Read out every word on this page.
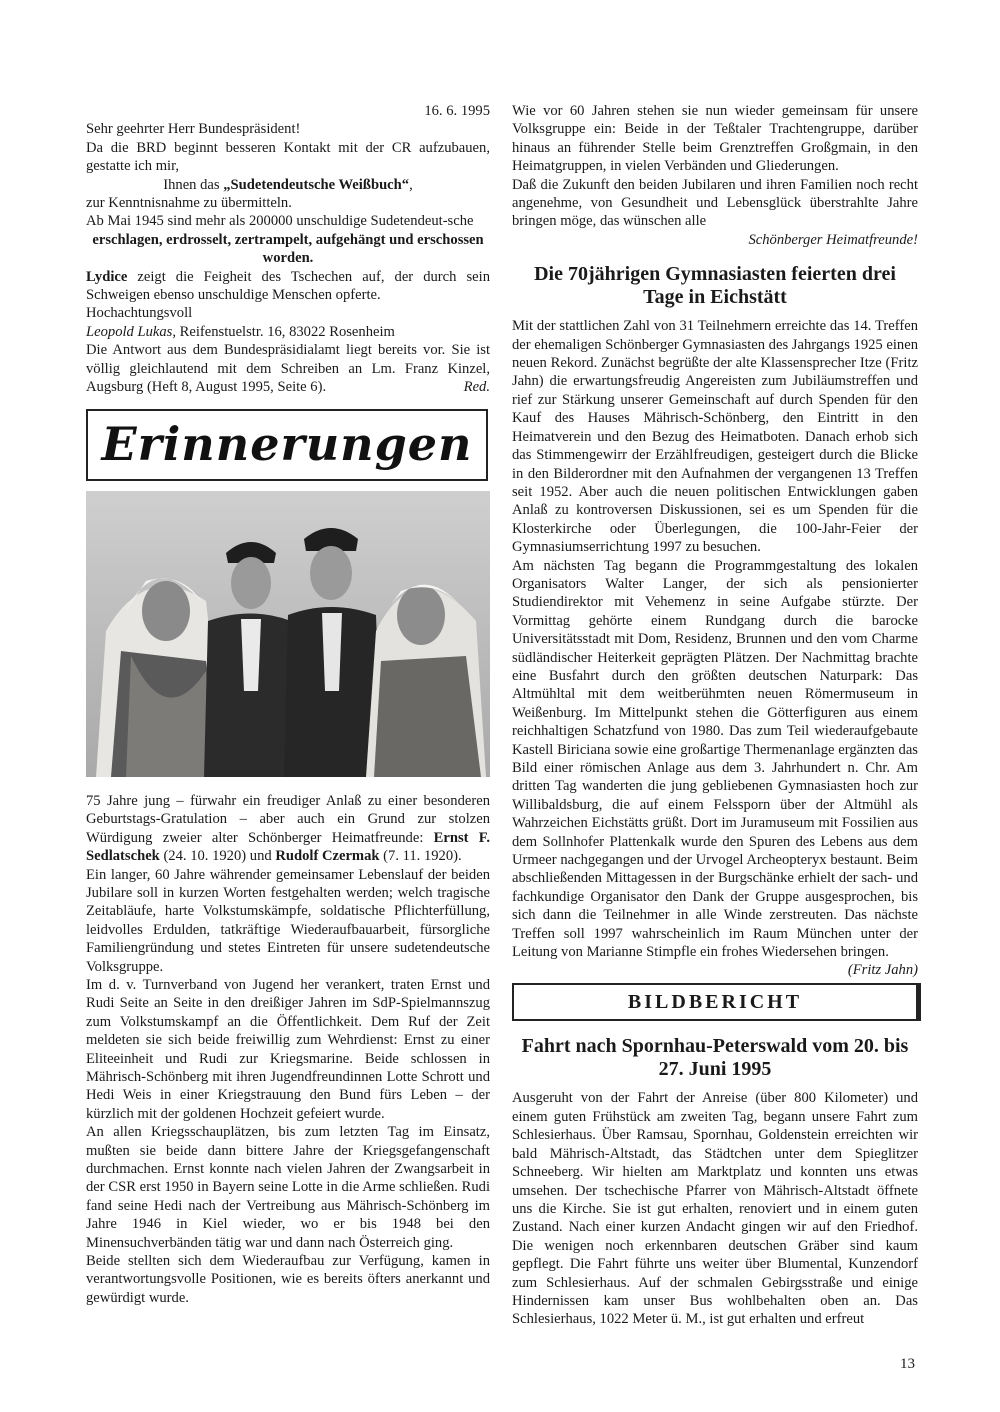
16. 6. 1995

Sehr geehrter Herr Bundespräsident!

Da die BRD beginnt besseren Kontakt mit der CR aufzubauen, gestatte ich mir,

Ihnen das „Sudetendeutsche Weißbuch“,

zur Kenntnisnahme zu übermitteln.

Ab Mai 1945 sind mehr als 200000 unschuldige Sudetendeut-sche

erschlagen, erdrosselt, zertrampelt, aufgehängt und erschossen worden.

Lydice zeigt die Feigheit des Tschechen auf, der durch sein Schweigen ebenso unschuldige Menschen opferte.

Hochachtungsvoll

Leopold Lukas, Reifenstuelstr. 16, 83022 Rosenheim

Die Antwort aus dem Bundespräsidialamt liegt bereits vor. Sie ist völlig gleichlautend mit dem Schreiben an Lm. Franz Kinzel, Augsburg (Heft 8, August 1995, Seite 6).	Red.

Erinnerungen

75 Jahre jung – fürwahr ein freudiger Anlaß zu einer besonderen Geburtstags-Gratulation – aber auch ein Grund zur stolzen Würdigung zweier alter Schönberger Heimatfreunde: Ernst F. Sedlatschek (24. 10. 1920) und Rudolf Czermak (7. 11. 1920).

Ein langer, 60 Jahre währender gemeinsamer Lebenslauf der beiden Jubilare soll in kurzen Worten festgehalten werden; welch tragische Zeitabläufe, harte Volkstumskämpfe, soldatische Pflichterfüllung, leidvolles Erdulden, tatkräftige Wiederaufbauarbeit, fürsorgliche Familiengründung und stetes Eintreten für unsere sudetendeutsche Volksgruppe.

Im d. v. Turnverband von Jugend her verankert, traten Ernst und Rudi Seite an Seite in den dreißiger Jahren im SdP-Spielmannszug zum Volkstumskampf an die Öffentlichkeit. Dem Ruf der Zeit meldeten sie sich beide freiwillig zum Wehrdienst: Ernst zu einer Eliteeinheit und Rudi zur Kriegsmarine. Beide schlossen in Mährisch-Schönberg mit ihren Jugendfreundinnen Lotte Schrott und Hedi Weis in einer Kriegstrauung den Bund fürs Leben – der kürzlich mit der goldenen Hochzeit gefeiert wurde.

An allen Kriegsschauplätzen, bis zum letzten Tag im Einsatz, mußten sie beide dann bittere Jahre der Kriegsgefangenschaft durchmachen. Ernst konnte nach vielen Jahren der Zwangsarbeit in der CSR erst 1950 in Bayern seine Lotte in die Arme schließen. Rudi fand seine Hedi nach der Vertreibung aus Mährisch-Schönberg im Jahre 1946 in Kiel wieder, wo er bis 1948 bei den Minensuchverbänden tätig war und dann nach Österreich ging.

Beide stellten sich dem Wiederaufbau zur Verfügung, kamen in verantwortungsvolle Positionen, wie es bereits öfters anerkannt und gewürdigt wurde.

Wie vor 60 Jahren stehen sie nun wieder gemeinsam für unsere Volksgruppe ein: Beide in der Teßtaler Trachtengruppe, darüber hinaus an führender Stelle beim Grenztreffen Großgmain, in den Heimatgruppen, in vielen Verbänden und Gliederungen.

Daß die Zukunft den beiden Jubilaren und ihren Familien noch recht angenehme, von Gesundheit und Lebensglück überstrahlte Jahre bringen möge, das wünschen alle

Schönberger Heimatfreunde!

Die 70jährigen Gymnasiasten feierten drei Tage in Eichstätt

Mit der stattlichen Zahl von 31 Teilnehmern erreichte das 14. Treffen der ehemaligen Schönberger Gymnasiasten des Jahrgangs 1925 einen neuen Rekord. Zunächst begrüßte der alte Klassensprecher Itze (Fritz Jahn) die erwartungsfreudig Angereisten zum Jubiläumstreffen und rief zur Stärkung unserer Gemeinschaft auf durch Spenden für den Kauf des Hauses Mährisch-Schönberg, den Eintritt in den Heimatverein und den Bezug des Heimatboten. Danach erhob sich das Stimmengewirr der Erzählfreudigen, gesteigert durch die Blicke in den Bilderordner mit den Aufnahmen der vergangenen 13 Treffen seit 1952. Aber auch die neuen politischen Entwicklungen gaben Anlaß zu kontroversen Diskussionen, sei es um Spenden für die Klosterkirche oder Überlegungen, die 100-Jahr-Feier der Gymnasiumserrichtung 1997 zu besuchen.

Am nächsten Tag begann die Programmgestaltung des lokalen Organisators Walter Langer, der sich als pensionierter Studiendirektor mit Vehemenz in seine Aufgabe stürzte. Der Vormittag gehörte einem Rundgang durch die barocke Universitätsstadt mit Dom, Residenz, Brunnen und den vom Charme südländischer Heiterkeit geprägten Plätzen. Der Nachmittag brachte eine Busfahrt durch den größten deutschen Naturpark: Das Altmühltal mit dem weitberühmten neuen Römermuseum in Weißenburg. Im Mittelpunkt stehen die Götterfiguren aus einem reichhaltigen Schatzfund von 1980. Das zum Teil wiederaufgebaute Kastell Biriciana sowie eine großartige Thermenanlage ergänzten das Bild einer römischen Anlage aus dem 3. Jahrhundert n. Chr. Am dritten Tag wanderten die jung gebliebenen Gymnasiasten hoch zur Willibaldsburg, die auf einem Felssporn über der Altmühl als Wahrzeichen Eichstätts grüßt. Dort im Juramuseum mit Fossilien aus dem Sollnhofer Plattenkalk wurde den Spuren des Lebens aus dem Urmeer nachgegangen und der Urvogel Archeopteryx bestaunt. Beim abschließenden Mittagessen in der Burgschänke erhielt der sach- und fachkundige Organisator den Dank der Gruppe ausgesprochen, bis sich dann die Teilnehmer in alle Winde zerstreuten. Das nächste Treffen soll 1997 wahrscheinlich im Raum München unter der Leitung von Marianne Stimpfle ein frohes Wiedersehen bringen.
(Fritz Jahn)

BILDBERICHT
Fahrt nach Spornhau-Peterswald vom 20. bis 27. Juni 1995

Ausgeruht von der Fahrt der Anreise (über 800 Kilometer) und einem guten Frühstück am zweiten Tag, begann unsere Fahrt zum Schlesierhaus. Über Ramsau, Spornhau, Goldenstein erreichten wir bald Mährisch-Altstadt, das Städtchen unter dem Spieglitzer Schneeberg. Wir hielten am Marktplatz und konnten uns etwas umsehen. Der tschechische Pfarrer von Mährisch-Altstadt öffnete uns die Kirche. Sie ist gut erhalten, renoviert und in einem guten Zustand. Nach einer kurzen Andacht gingen wir auf den Friedhof. Die wenigen noch erkennbaren deutschen Gräber sind kaum gepflegt. Die Fahrt führte uns weiter über Blumental, Kunzendorf zum Schlesierhaus. Auf der schmalen Gebirgsstraße und einige Hindernissen kam unser Bus wohlbehalten oben an. Das Schlesierhaus, 1022 Meter ü. M., ist gut erhalten und erfreut

13
